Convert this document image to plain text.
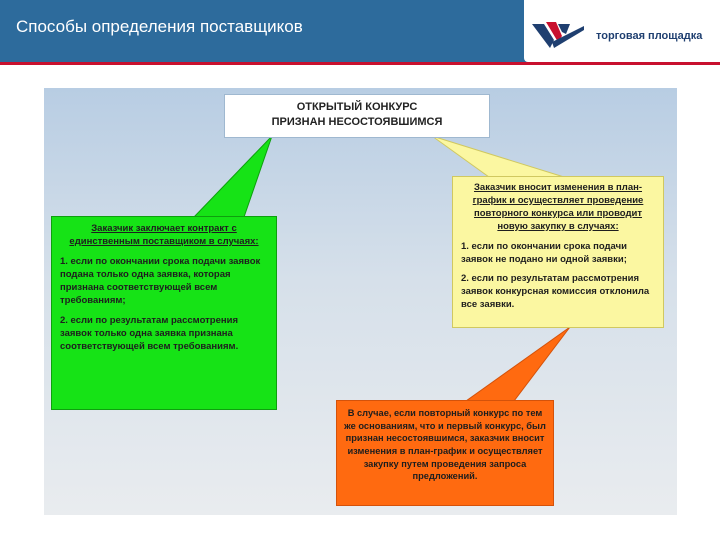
Способы определения поставщиков	торговая площадка

ОТКРЫТЫЙ КОНКУРС

ПРИЗНАН НЕСОСТОЯВШИМСЯ

Заказчик заключает контракт с единственным поставщиком в случаях:

1. если по окончании срока подачи заявок подана только одна заявка, которая признана соответствующей всем требованиям;

2. если по результатам рассмотрения заявок только одна заявка признана соответствующей всем требованиям.

Заказчик вносит изменения в план-график и осуществляет проведение повторного конкурса или проводит новую закупку в случаях:

1. если по окончании срока подачи заявок не подано ни одной заявки;

2. если по результатам рассмотрения заявок конкурсная комиссия отклонила все заявки.

В случае, если повторный конкурс по тем же основаниям, что и первый конкурс, был признан несостоявшимся, заказчик вносит изменения в план-график и осуществляет закупку путем проведения запроса предложений.
